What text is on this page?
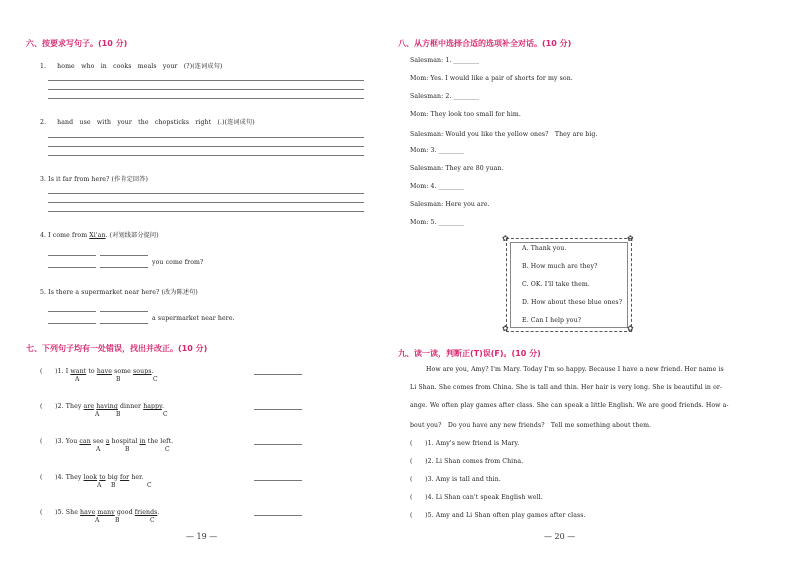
六、按要求写句子。(10 分)
1. home　who　in　cooks　meals　your　(?)(连词成句)
2. hand　use　with　your　the　chopsticks　right　(.)(连词成句)
3. Is it far from here? (作肯定回答)
4. I come from Xi'an. (对划线部分提问)
you come from?
5. Is there a supermarket near here? (改为陈述句)
a supermarket near here.
七、下列句子均有一处错误，找出并改正。(10 分)
(　　)1. I want to have some soups.
A	B	C
(　　)2. They are having dinner happy.
A	B	C
(　　)3. You can see a hospital in the left.
A	B	C
(　　)4. They look to big for her.
A B	C
(　　)5. She have many good friends.
A	B	C
— 19 —
八、从方框中选择合适的选项补全对话。(10 分)
Salesman: 1. ________
Mom: Yes. I would like a pair of shorts for my son.
Salesman: 2. ________
Mom: They look too small for him.
Salesman: Would you like the yellow ones?　They are big.
Mom: 3. ________
Salesman: They are 80 yuan.
Mom: 4. ________
Salesman: Here you are.
Mom: 5. ________
✿	✿
✿	✿
A. Thank you.
B. How much are they?
C. OK. I'll take them.
D. How about these blue ones?
E. Can I help you?
九、读一读，判断正(T)误(F)。(10 分)
How are you, Amy? I'm Mary. Today I'm so happy. Because I have a new friend. Her name is
Li Shan. She comes from China. She is tall and thin. Her hair is very long. She is beautiful in or-
ange. We often play games after class. She can speak a little English. We are good friends. How a-
bout you?　Do you have any new friends?　Tell me something about them.
(　　)1. Amy's new friend is Mary.
(　　)2. Li Shan comes from China.
(　　)3. Amy is tall and thin.
(　　)4. Li Shan can't speak English well.
(　　)5. Amy and Li Shan often play games after class.
— 20 —
